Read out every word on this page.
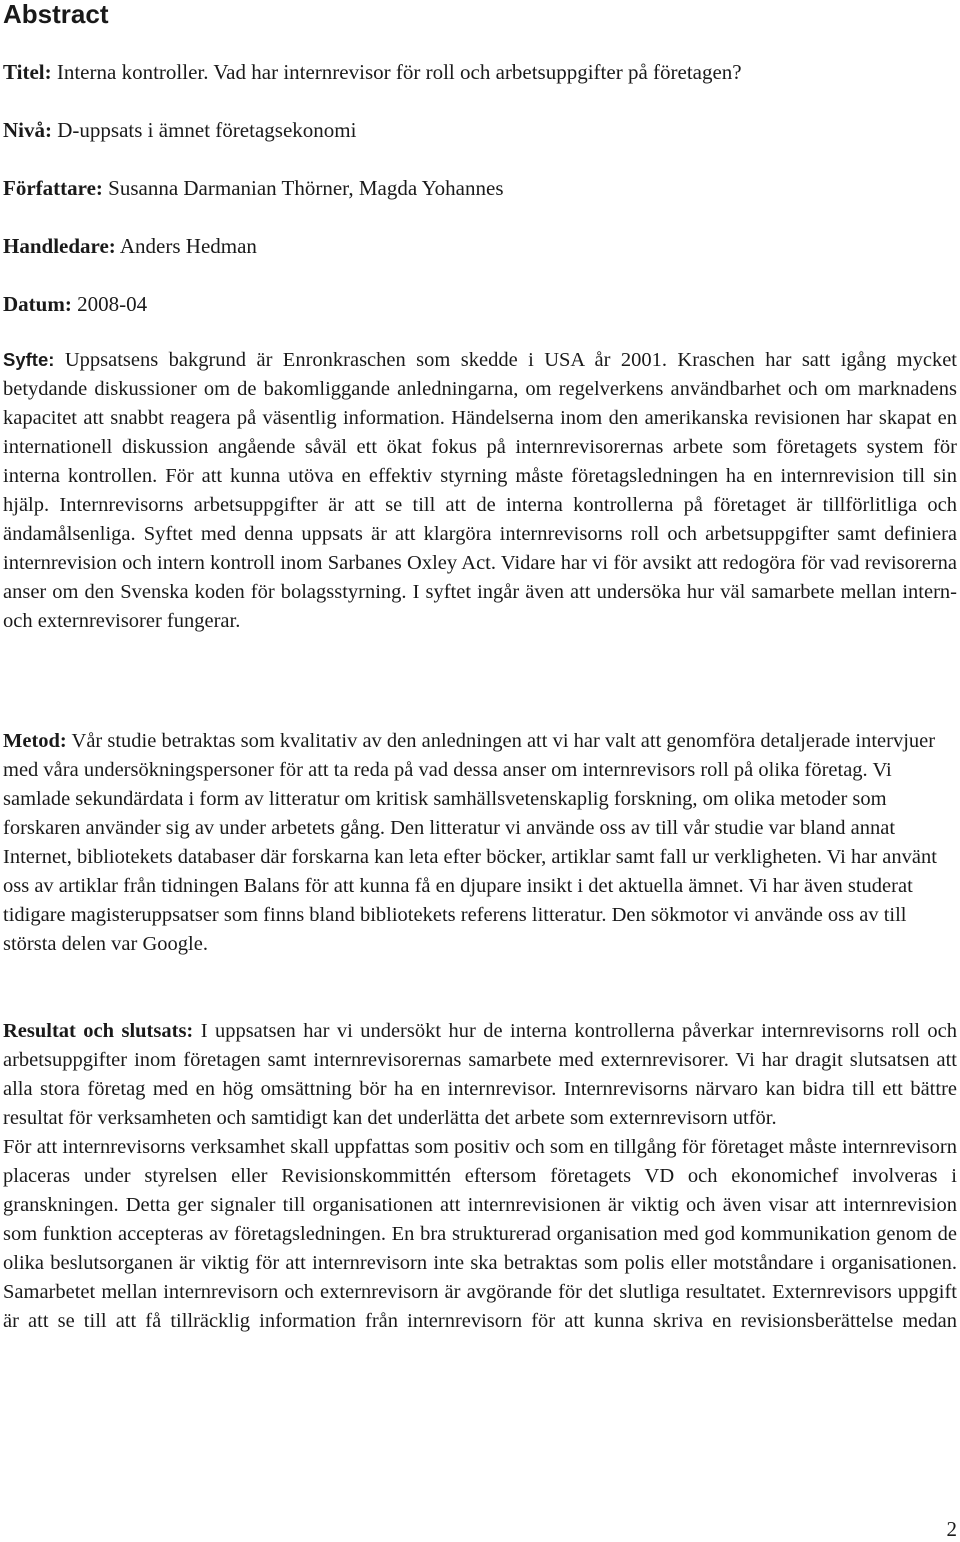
Abstract

Titel: Interna kontroller. Vad har internrevisor för roll och arbetsuppgifter på företagen?

Nivå: D-uppsats i ämnet företagsekonomi

Författare: Susanna Darmanian Thörner, Magda Yohannes

Handledare: Anders Hedman

Datum: 2008-04

Syfte: Uppsatsens bakgrund är Enronkraschen som skedde i USA år 2001. Kraschen har satt igång mycket betydande diskussioner om de bakomliggande anledningarna, om regelverkens användbarhet och om marknadens kapacitet att snabbt reagera på väsentlig information. Händelserna inom den amerikanska revisionen har skapat en internationell diskussion angående såväl ett ökat fokus på internrevisorernas arbete som företagets system för interna kontrollen. För att kunna utöva en effektiv styrning måste företagsledningen ha en internrevision till sin hjälp. Internrevisorns arbetsuppgifter är att se till att de interna kontrollerna på företaget är tillförlitliga och ändamålsenliga. Syftet med denna uppsats är att klargöra internrevisorns roll och arbetsuppgifter samt definiera internrevision och intern kontroll inom Sarbanes Oxley Act. Vidare har vi för avsikt att redogöra för vad revisorerna anser om den Svenska koden för bolagsstyrning. I syftet ingår även att undersöka hur väl samarbete mellan intern- och externrevisorer fungerar.

Metod: Vår studie betraktas som kvalitativ av den anledningen att vi har valt att genomföra detaljerade intervjuer med våra undersökningspersoner för att ta reda på vad dessa anser om internrevisors roll på olika företag. Vi samlade sekundärdata i form av litteratur om kritisk samhällsvetenskaplig forskning, om olika metoder som forskaren använder sig av under arbetets gång. Den litteratur vi använde oss av till vår studie var bland annat Internet, bibliotekets databaser där forskarna kan leta efter böcker, artiklar samt fall ur verkligheten. Vi har använt oss av artiklar från tidningen Balans för att kunna få en djupare insikt i det aktuella ämnet. Vi har även studerat tidigare magisteruppsatser som finns bland bibliotekets referens litteratur. Den sökmotor vi använde oss av till största delen var Google.

Resultat och slutsats: I uppsatsen har vi undersökt hur de interna kontrollerna påverkar internrevisorns roll och arbetsuppgifter inom företagen samt internrevisorernas samarbete med externrevisorer. Vi har dragit slutsatsen att alla stora företag med en hög omsättning bör ha en internrevisor. Internrevisorns närvaro kan bidra till ett bättre resultat för verksamheten och samtidigt kan det underlätta det arbete som externrevisorn utför.

För att internrevisorns verksamhet skall uppfattas som positiv och som en tillgång för företaget måste internrevisorn placeras under styrelsen eller Revisionskommittén eftersom företagets VD och ekonomichef involveras i granskningen. Detta ger signaler till organisationen att internrevisionen är viktig och även visar att internrevision som funktion accepteras av företagsledningen. En bra strukturerad organisation med god kommunikation genom de olika beslutsorganen är viktig för att internrevisorn inte ska betraktas som polis eller motståndare i organisationen. Samarbetet mellan internrevisorn och externrevisorn är avgörande för det slutliga resultatet. Externrevisors uppgift är att se till att få tillräcklig information från internrevisorn för att kunna skriva en revisionsberättelse medan

2
